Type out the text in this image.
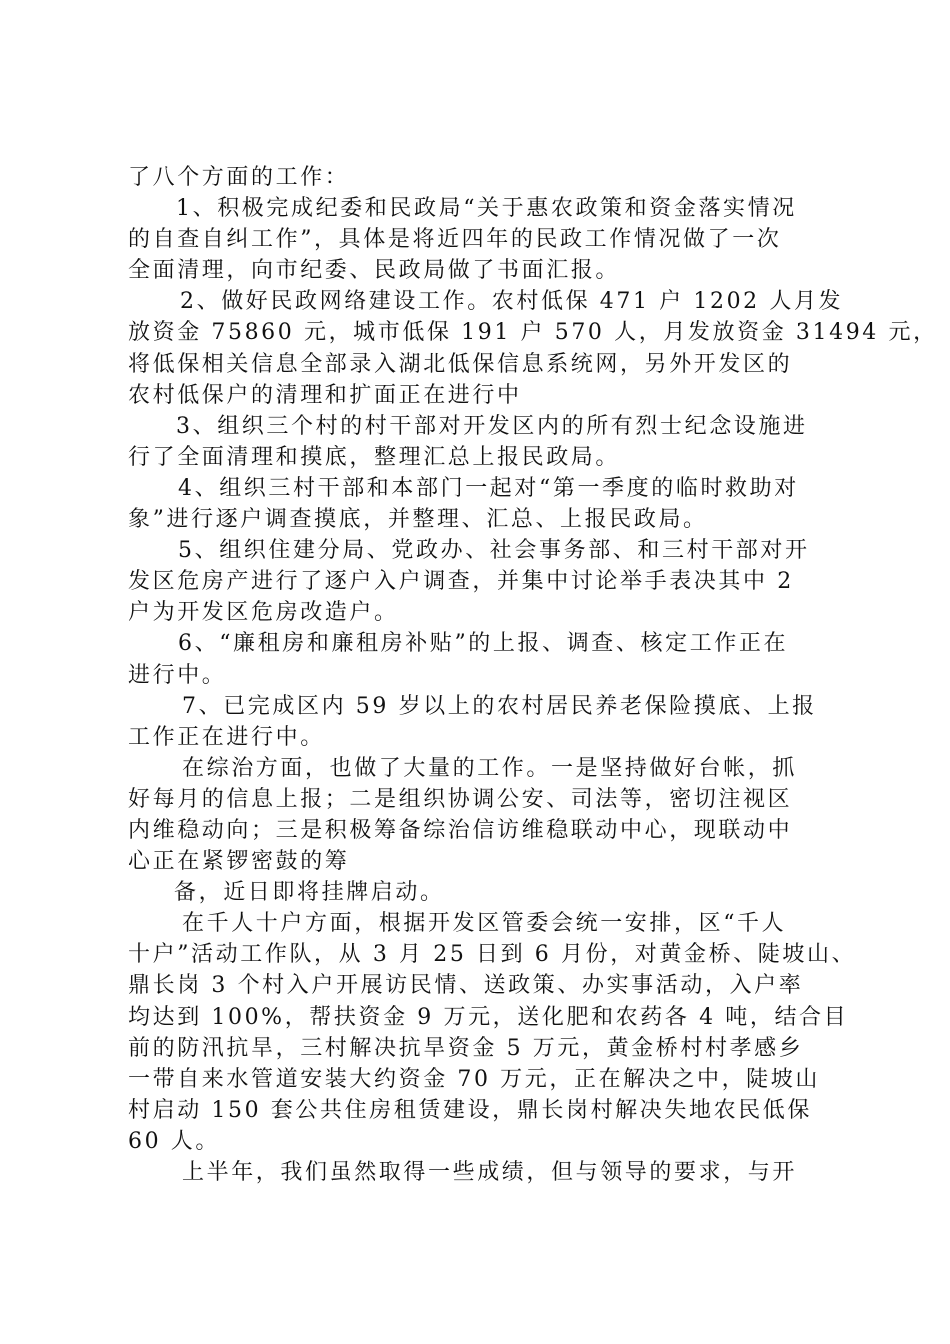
了八个方面的工作：
1、积极完成纪委和民政局“关于惠农政策和资金落实情况
的自查自纠工作”，具体是将近四年的民政工作情况做了一次
全面清理，向市纪委、民政局做了书面汇报。
2、做好民政网络建设工作。农村低保 471 户 1202 人月发
放资金 75860 元，城市低保 191 户 570 人，月发放资金 31494 元，
将低保相关信息全部录入湖北低保信息系统网，另外开发区的
农村低保户的清理和扩面正在进行中
3、组织三个村的村干部对开发区内的所有烈士纪念设施进
行了全面清理和摸底，整理汇总上报民政局。
4、组织三村干部和本部门一起对“第一季度的临时救助对
象”进行逐户调查摸底，并整理、汇总、上报民政局。
5、组织住建分局、党政办、社会事务部、和三村干部对开
发区危房产进行了逐户入户调查，并集中讨论举手表决其中 2
户为开发区危房改造户。
6、“廉租房和廉租房补贴”的上报、调查、核定工作正在
进行中。
7、已完成区内 59 岁以上的农村居民养老保险摸底、上报
工作正在进行中。
在综治方面，也做了大量的工作。一是坚持做好台帐，抓
好每月的信息上报；二是组织协调公安、司法等，密切注视区
内维稳动向；三是积极筹备综治信访维稳联动中心，现联动中
心正在紧锣密鼓的筹
备，近日即将挂牌启动。
在千人十户方面，根据开发区管委会统一安排，区“千人
十户”活动工作队，从 3 月 25 日到 6 月份，对黄金桥、陡坡山、
鼎长岗 3 个村入户开展访民情、送政策、办实事活动，入户率
均达到 100%，帮扶资金 9 万元，送化肥和农药各 4 吨，结合目
前的防汛抗旱，三村解决抗旱资金 5 万元，黄金桥村村孝感乡
一带自来水管道安装大约资金 70 万元，正在解决之中，陡坡山
村启动 150 套公共住房租赁建设，鼎长岗村解决失地农民低保
60 人。
上半年，我们虽然取得一些成绩，但与领导的要求，与开
